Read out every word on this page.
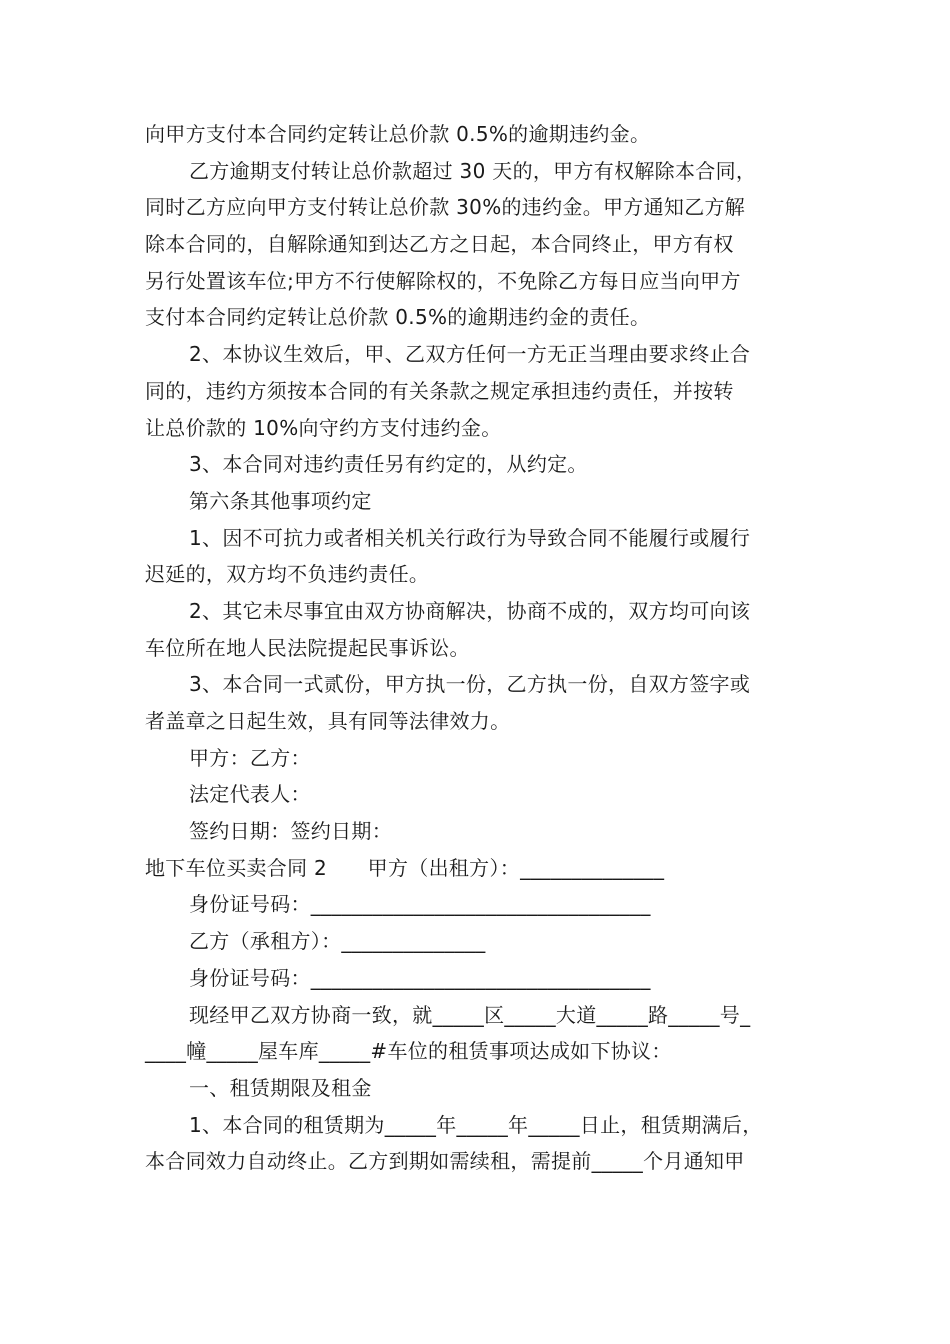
向甲方支付本合同约定转让总价款 0.5%的逾期违约金。
乙方逾期支付转让总价款超过 30 天的，甲方有权解除本合同，
同时乙方应向甲方支付转让总价款 30%的违约金。甲方通知乙方解
除本合同的，自解除通知到达乙方之日起，本合同终止，甲方有权
另行处置该车位;甲方不行使解除权的，不免除乙方每日应当向甲方
支付本合同约定转让总价款 0.5%的逾期违约金的责任。
2、本协议生效后，甲、乙双方任何一方无正当理由要求终止合
同的，违约方须按本合同的有关条款之规定承担违约责任，并按转
让总价款的 10%向守约方支付违约金。
3、本合同对违约责任另有约定的，从约定。
第六条其他事项约定
1、因不可抗力或者相关机关行政行为导致合同不能履行或履行
迟延的，双方均不负违约责任。
2、其它未尽事宜由双方协商解决，协商不成的，双方均可向该
车位所在地人民法院提起民事诉讼。
3、本合同一式贰份，甲方执一份，乙方执一份，自双方签字或
者盖章之日起生效，具有同等法律效力。
甲方：乙方：
法定代表人：
签约日期：签约日期：
地下车位买卖合同 2　　甲方（出租方）：______________
身份证号码：_________________________________
乙方（承租方）：______________
身份证号码：_________________________________
现经甲乙双方协商一致，就_____区_____大道_____路_____号_
____幢_____屋车库_____#车位的租赁事项达成如下协议：
一、租赁期限及租金
1、本合同的租赁期为_____年_____年_____日止，租赁期满后，
本合同效力自动终止。乙方到期如需续租，需提前_____个月通知甲
